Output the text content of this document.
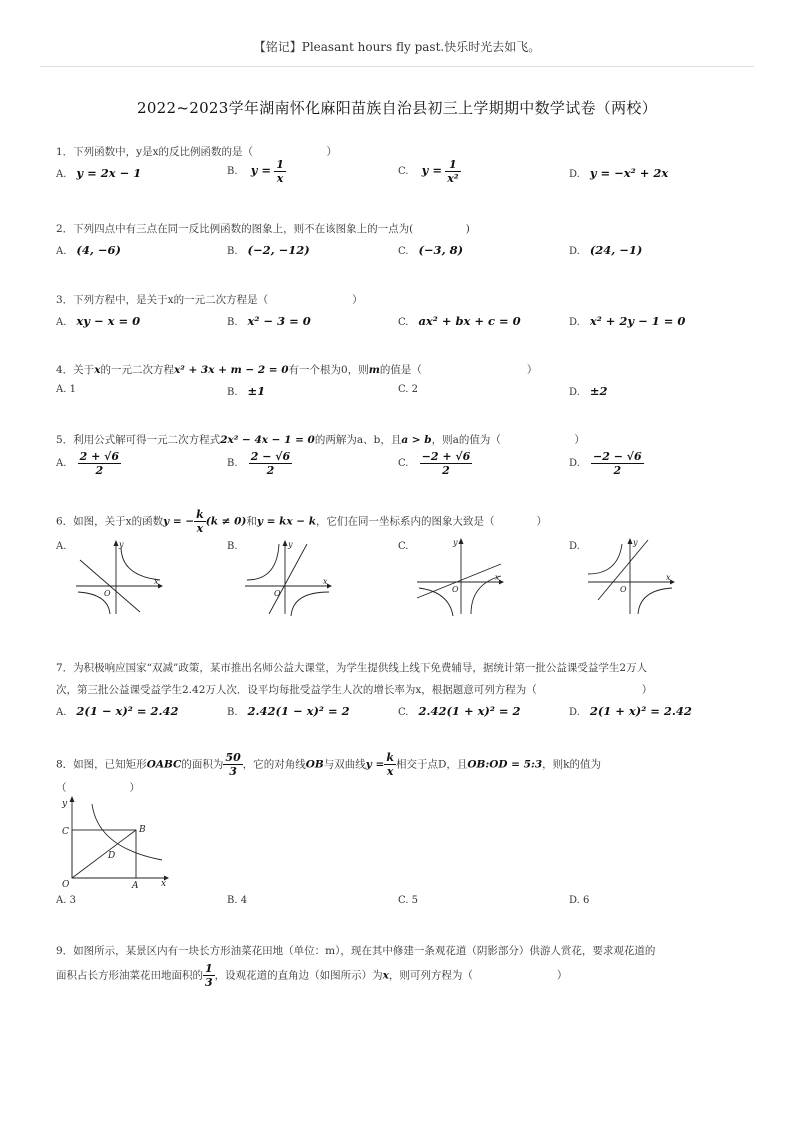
【铭记】Pleasant hours fly past.快乐时光去如飞。
2022~2023学年湖南怀化麻阳苗族自治县初三上学期期中数学试卷（两校）
1．下列函数中，y是x的反比例函数的是（　　　　　　　）
A. y = 2x − 1	B. $y = \frac{1}{x}$	C. $y = \frac{1}{\text{x²}}$	D. y = −x² + 2x
2．下列四点中有三点在同一反比例函数的图象上，则不在该图象上的一点为(　　　　　)
A. (4, −6)	B. (−2, −12)	C. (−3, 8)	D. (24, −1)
3．下列方程中，是关于x的一元二次方程是（　　　　　　　　）
A. xy − x = 0	B. x² − 3 = 0	C. ax² + bx + c = 0	D. x² + 2y − 1 = 0
4．关于x的一元二次方程x² + 3x + m − 2 = 0有一个根为0，则m的值是（　　　　　　　　　　）
A. 1	B. ±1	C. 2	D. ±2
5．利用公式解可得一元二次方程式2x² − 4x − 1 = 0的两解为a、b，且a > b，则a的值为（　　　　　　　）
A. $\frac{2 + √6}{2}$	B. $\frac{2 - √6}{2}$	C. $\frac{-2 + √6}{2}$	D. $\frac{-2 - √6}{2}$
6．如图，关于x的函数y = − $\frac{k}{x} (k \ne 0)$和y = kx − k，它们在同一坐标系内的图象大致是（　　　　）
A.
x
y
O
B.
x
y
O
C.
x
y
O
D.
x
y
O
7．为积极响应国家“双减”政策，某市推出名师公益大课堂，为学生提供线上线下免费辅导，据统计第一批公益课受益学生2万人
次，第三批公益课受益学生2.42万人次．设平均每批受益学生人次的增长率为x，根据题意可列方程为（　　　　　　　　　　）
A. 2(1 − x)² = 2.42	B. 2.42(1 − x)² = 2	C. 2.42(1 + x)² = 2	D. 2(1 + x)² = 2.42
8．如图，已知矩形OABC的面积为 $\frac{50}{3}$ ，它的对角线OB与双曲线$y = \frac{k}{x}$ 相交于点D，且OB:OD = 5:3，则k的值为
（　　　　　　）
y
x
O	A
B
C
D
A. 3	B. 4	C. 5	D. 6
9．如图所示，某景区内有一块长方形油菜花田地（单位：m），现在其中修建一条观花道（阴影部分）供游人赏花，要求观花道的
面积占长方形油菜花田地面积的 $\frac{1}{3}$ ，设观花道的直角边（如图所示）为x，则可列方程为（　　　　　　　　）
